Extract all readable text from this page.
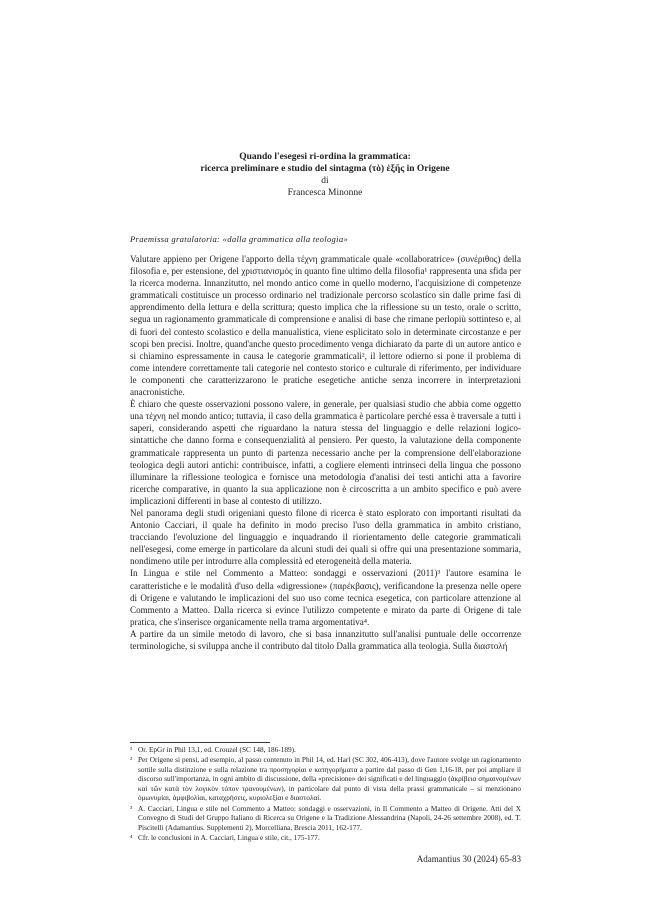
Quando l'esegesi ri-ordina la grammatica:
ricerca preliminare e studio del sintagma (τὸ) ἑξῆς in Origene
di
Francesca Minonne
Praemissa gratulatoria: «dalla grammatica alla teologia»

Valutare appieno per Origene l'apporto della τέχνη grammaticale quale «collaboratrice» (συνέριθος) della filosofia e, per estensione, del χριστιανισμός in quanto fine ultimo della filosofia¹ rappresenta una sfida per la ricerca moderna. Innanzitutto, nel mondo antico come in quello moderno, l'acquisizione di competenze grammaticali costituisce un processo ordinario nel tradizionale percorso scolastico sin dalle prime fasi di apprendimento della lettura e della scrittura; questo implica che la riflessione su un testo, orale o scritto, segua un ragionamento grammaticale di comprensione e analisi di base che rimane perlopiù sottinteso e, al di fuori del contesto scolastico e della manualistica, viene esplicitato solo in determinate circostanze e per scopi ben precisi. Inoltre, quand'anche questo procedimento venga dichiarato da parte di un autore antico e si chiamino espressamente in causa le categorie grammaticali², il lettore odierno si pone il problema di come intendere correttamente tali categorie nel contesto storico e culturale di riferimento, per individuare le componenti che caratterizzarono le pratiche esegetiche antiche senza incorrere in interpretazioni anacronistiche.

È chiaro che queste osservazioni possono valere, in generale, per qualsiasi studio che abbia come oggetto una τέχνη nel mondo antico; tuttavia, il caso della grammatica è particolare perché essa è traversale a tutti i saperi, considerando aspetti che riguardano la natura stessa del linguaggio e delle relazioni logico-sintattiche che danno forma e consequenzialità al pensiero. Per questo, la valutazione della componente grammaticale rappresenta un punto di partenza necessario anche per la comprensione dell'elaborazione teologica degli autori antichi: contribuisce, infatti, a cogliere elementi intrinseci della lingua che possono illuminare la riflessione teologica e fornisce una metodologia d'analisi dei testi antichi atta a favorire ricerche comparative, in quanto la sua applicazione non è circoscritta a un ambito specifico e può avere implicazioni differenti in base al contesto di utilizzo.

Nel panorama degli studi origeniani questo filone di ricerca è stato esplorato con importanti risultati da Antonio Cacciari, il quale ha definito in modo preciso l'uso della grammatica in ambito cristiano, tracciando l'evoluzione del linguaggio e inquadrando il riorientamento delle categorie grammaticali nell'esegesi, come emerge in particolare da alcuni studi dei quali si offre qui una presentazione sommaria, nondimeno utile per introdurre alla complessità ed eterogeneità della materia.

In Lingua e stile nel Commento a Matteo: sondaggi e osservazioni (2011)³ l'autore esamina le caratteristiche e le modalità d'uso della «digressione» (παρέκβασις), verificandone la presenza nelle opere di Origene e valutando le implicazioni del suo uso come tecnica esegetica, con particolare attenzione al Commento a Matteo. Dalla ricerca si evince l'utilizzo competente e mirato da parte di Origene di tale pratica, che s'inserisce organicamente nella trama argomentativa⁴.

A partire da un simile metodo di lavoro, che si basa innanzitutto sull'analisi puntuale delle occorrenze terminologiche, si sviluppa anche il contributo dal titolo Dalla grammatica alla teologia. Sulla διαστολή

¹ Or. EpGr in Phil 13,1, ed. Crouzel (SC 148, 186-189).
² Per Origene si pensi, ad esempio, al passo contenuto in Phil 14, ed. Harl (SC 302, 406-413), dove l'autore svolge un ragionamento sottile sulla distinzione e sulla relazione tra προσηγορίαι e κατηγορήματα a partire dal passo di Gen 1,16-18, per poi ampliare il discorso sull'importanza, in ogni ambito di discussione, della «precisione» dei significati e del linguaggio (ἀκρίβεια σημαινομένων καὶ τῶν κατὰ τὸν λογικὸν τόπον τρανουμένων), in particolare dal punto di vista della prassi grammaticale – si menzionano ὁμωνυμίαι, ἀμφιβολίαι, καταχρήσεις, κυριολεξίαι e διαστολαί.
³ A. Cacciari, Lingua e stile nel Commento a Matteo: sondaggi e osservazioni, in Il Commento a Matteo di Origene. Atti del X Convegno di Studi del Gruppo Italiano di Ricerca su Origene e la Tradizione Alessandrina (Napoli, 24-26 settembre 2008), ed. T. Piscitelli (Adamantius. Supplementi 2), Morcelliana, Brescia 2011, 162-177.
⁴ Cfr. le conclusioni in A. Cacciari, Lingua e stile, cit., 175-177.
Adamantius 30 (2024) 65-83
